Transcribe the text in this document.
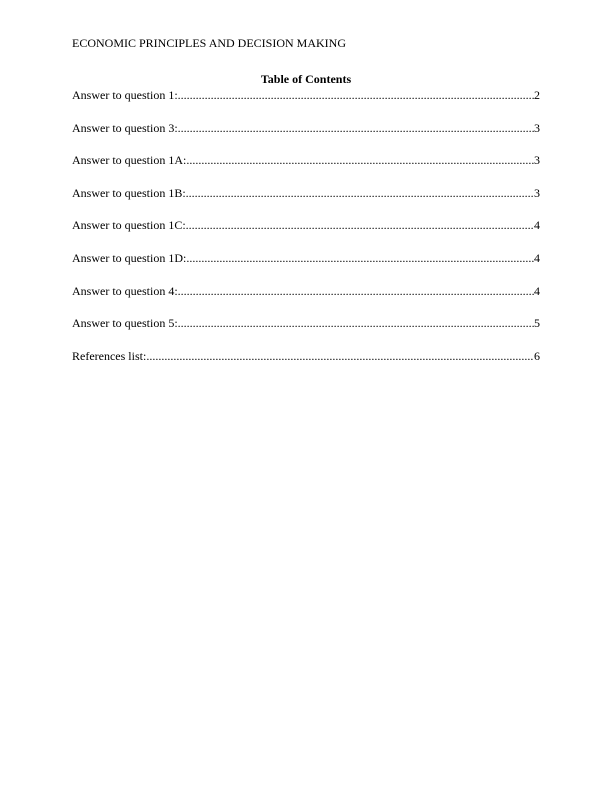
ECONOMIC PRINCIPLES AND DECISION MAKING
Table of Contents
Answer to question 1: .....	2
Answer to question 3: .....	3
Answer to question 1A: .....	3
Answer to question 1B: .....	3
Answer to question 1C: .....	4
Answer to question 1D: .....	4
Answer to question 4: .....	4
Answer to question 5: .....	5
References list: .....	6
